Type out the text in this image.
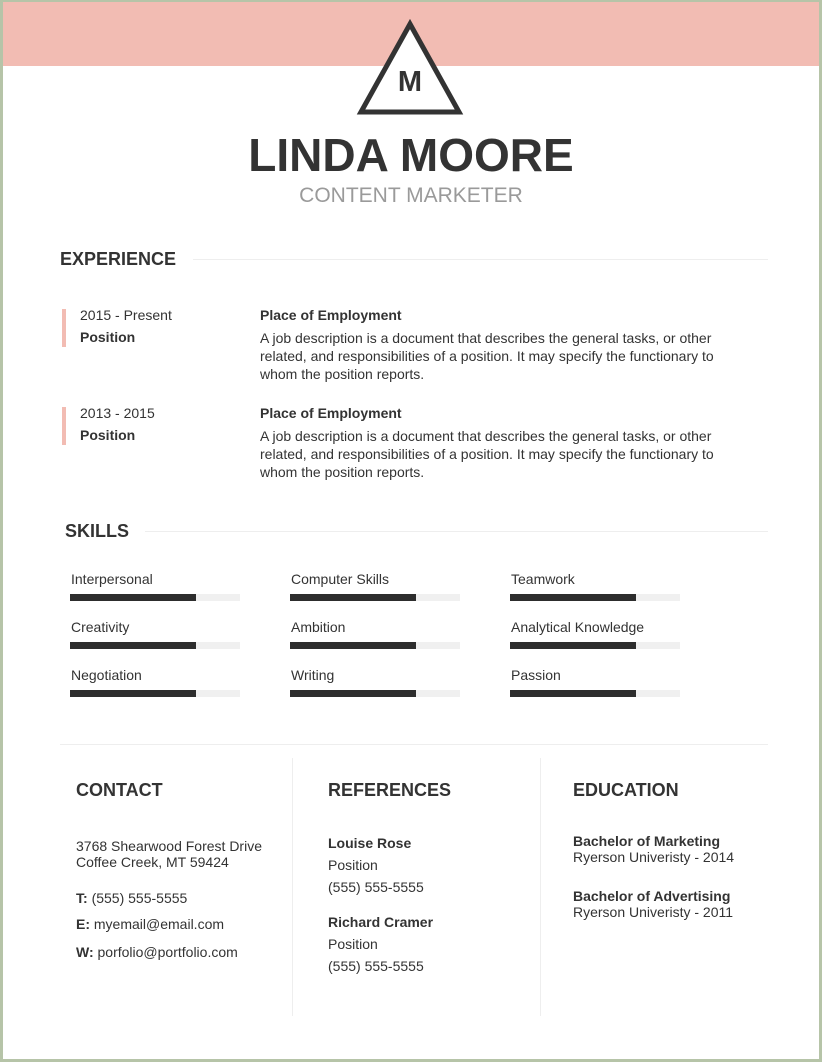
M
LINDA MOORE
CONTENT MARKETER
EXPERIENCE
2015 - Present
Position
Place of Employment
A job description is a document that describes the general tasks, or other related, and responsibilities of a position. It may specify the functionary to whom the position reports.
2013 - 2015
Position
Place of Employment
A job description is a document that describes the general tasks, or other related, and responsibilities of a position. It may specify the functionary to whom the position reports.
SKILLS
Interpersonal	Computer Skills	Teamwork
Creativity	Ambition	Analytical Knowledge
Negotiation	Writing	Passion
CONTACT
3768 Shearwood Forest Drive
Coffee Creek, MT 59424
T: (555) 555-5555
E: myemail@email.com
W: porfolio@portfolio.com
REFERENCES
Louise Rose
Position
(555) 555-5555
Richard Cramer
Position
(555) 555-5555
EDUCATION
Bachelor of Marketing
Ryerson Univeristy - 2014
Bachelor of Advertising
Ryerson Univeristy - 2011
